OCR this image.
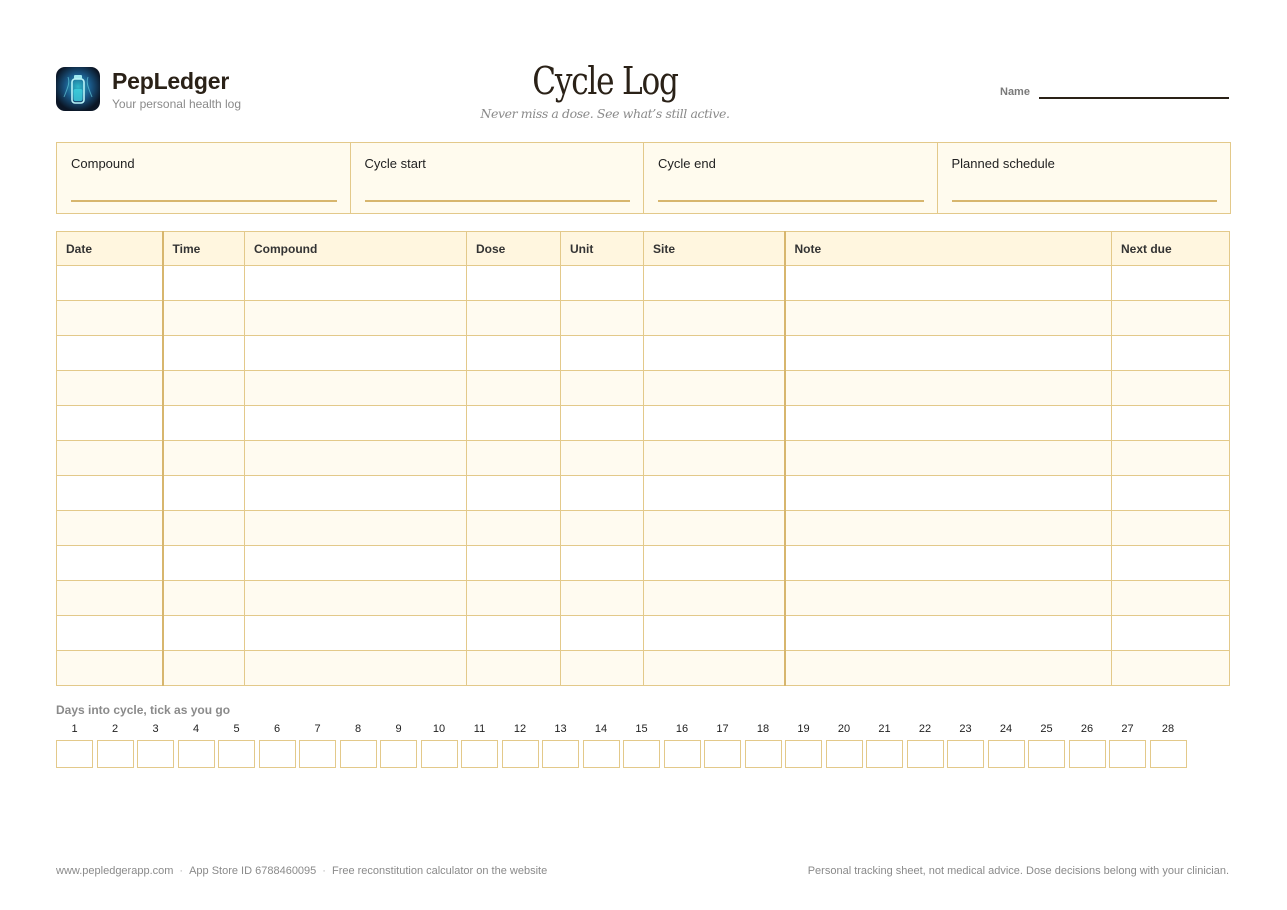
PepLedger
Your personal health log
Cycle Log
Never miss a dose. See what’s still active.
Name
Compound	Cycle start	Cycle end	Planned schedule
Date	Time	Compound	Dose	Unit	Site	Note	Next due

Days into cycle, tick as you go
1	2	3	4	5	6	7	8	9	10	11	12	13	14	15	16	17	18	19	20	21	22	23	24	25	26	27	28
www.pepledgerapp.com · App Store ID 6788460095 · Free reconstitution calculator on the website	Personal tracking sheet, not medical advice. Dose decisions belong with your clinician.
